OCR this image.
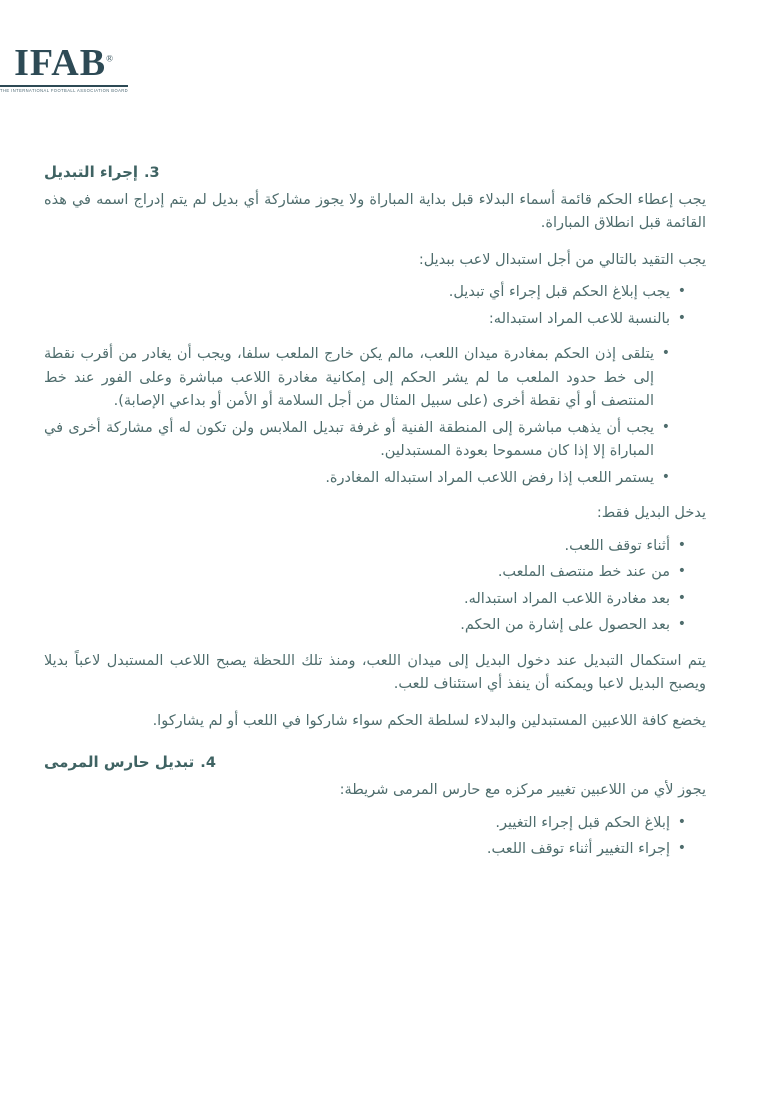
IFAB®
THE INTERNATIONAL FOOTBALL ASSOCIATION BOARD
3.
إجراء التبديل

يجب إعطاء الحكم قائمة أسماء البدلاء قبل بداية المباراة ولا يجوز مشاركة أي بديل لم يتم إدراج اسمه في هذه القائمة قبل انطلاق المباراة.

يجب التقيد بالتالي من أجل استبدال لاعب ببديل:

• يجب إبلاغ الحكم قبل إجراء أي تبديل.
• بالنسبة للاعب المراد استبداله:
• يتلقى إذن الحكم بمغادرة ميدان اللعب، مالم يكن خارج الملعب سلفا، ويجب أن يغادر من أقرب نقطة إلى خط حدود الملعب ما لم يشر الحكم إلى إمكانية مغادرة اللاعب مباشرة وعلى الفور عند خط المنتصف أو أي نقطة أخرى (على سبيل المثال من أجل السلامة أو الأمن أو بداعي الإصابة).
• يجب أن يذهب مباشرة إلى المنطقة الفنية أو غرفة تبديل الملابس ولن تكون له أي مشاركة أخرى في المباراة إلا إذا كان مسموحا بعودة المستبدلين.
• يستمر اللعب إذا رفض اللاعب المراد استبداله المغادرة.

يدخل البديل فقط:

• أثناء توقف اللعب.
• من عند خط منتصف الملعب.
• بعد مغادرة اللاعب المراد استبداله.
• بعد الحصول على إشارة من الحكم.

يتم استكمال التبديل عند دخول البديل إلى ميدان اللعب، ومنذ تلك اللحظة يصبح اللاعب المستبدل لاعباً بديلا ويصبح البديل لاعبا ويمكنه أن ينفذ أي استئناف للعب.

يخضع كافة اللاعبين المستبدلين والبدلاء لسلطة الحكم سواء شاركوا في اللعب أو لم يشاركوا.

4.
تبديل حارس المرمى

يجوز لأي من اللاعبين تغيير مركزه مع حارس المرمى شريطة:

• إبلاغ الحكم قبل إجراء التغيير.
• إجراء التغيير أثناء توقف اللعب.
